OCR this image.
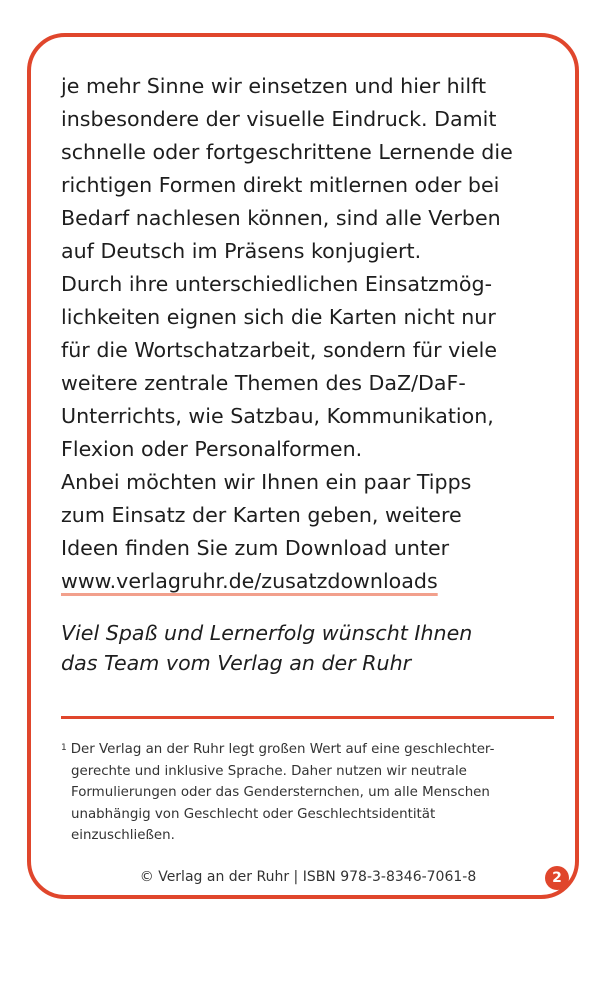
je mehr Sinne wir einsetzen und hier hilft
insbesondere der visuelle Eindruck. Damit
schnelle oder fortgeschrittene Lernende die
richtigen Formen direkt mitlernen oder bei
Bedarf nachlesen können, sind alle Verben
auf Deutsch im Präsens konjugiert.
Durch ihre unterschiedlichen Einsatzmög-
lichkeiten eignen sich die Karten nicht nur
für die Wortschatzarbeit, sondern für viele
weitere zentrale Themen des DaZ/DaF-
Unterrichts, wie Satzbau, Kommunikation,
Flexion oder Personalformen.
Anbei möchten wir Ihnen ein paar Tipps
zum Einsatz der Karten geben, weitere
Ideen finden Sie zum Download unter
www.verlagruhr.de/zusatzdownloads
Viel Spaß und Lernerfolg wünscht Ihnen
das Team vom Verlag an der Ruhr
$^1$ Der Verlag an der Ruhr legt großen Wert auf eine geschlechter-
gerechte und inklusive Sprache. Daher nutzen wir neutrale
Formulierungen oder das Gendersternchen, um alle Menschen
unabhängig von Geschlecht oder Geschlechtsidentität
einzuschließen.
© Verlag an der Ruhr | ISBN 978-3-8346-7061-8	2
